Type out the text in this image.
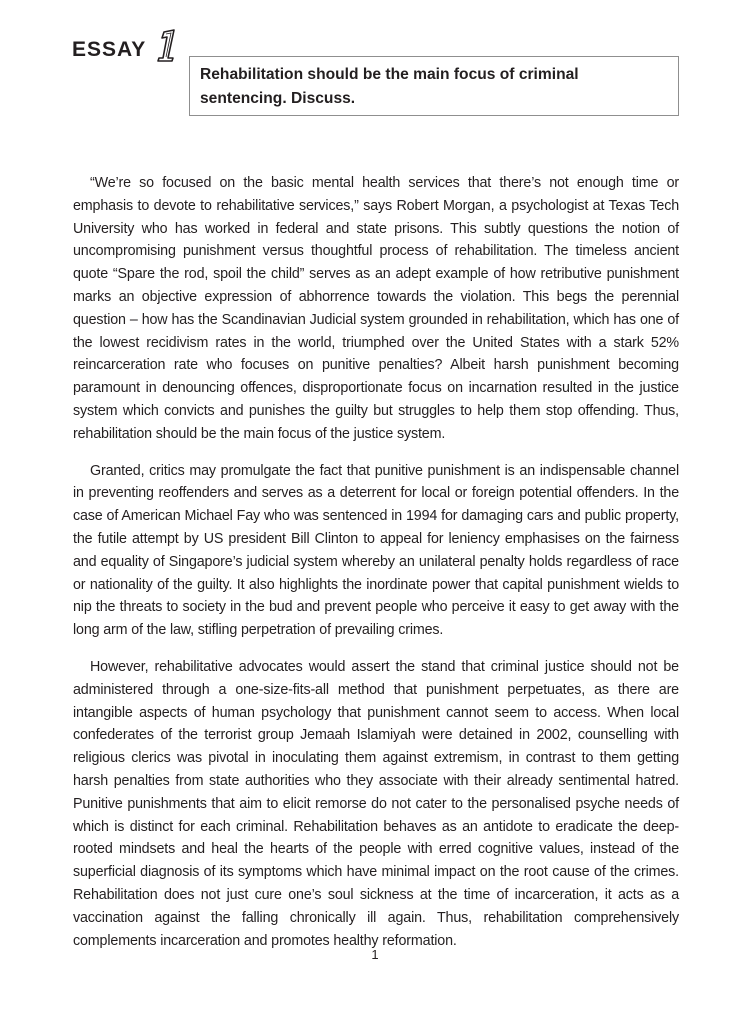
ESSAY
Rehabilitation should be the main focus of criminal sentencing. Discuss.

“We’re so focused on the basic mental health services that there’s not enough time or emphasis to devote to rehabilitative services,” says Robert Morgan, a psychologist at Texas Tech University who has worked in federal and state prisons. This subtly questions the notion of uncompromising punishment versus thoughtful process of rehabilitation. The timeless ancient quote “Spare the rod, spoil the child” serves as an adept example of how retributive punishment marks an objective expression of abhorrence towards the violation. This begs the perennial question – how has the Scandinavian Judicial system grounded in rehabilitation, which has one of the lowest recidivism rates in the world, triumphed over the United States with a stark 52% reincarceration rate who focuses on punitive penalties? Albeit harsh punishment becoming paramount in denouncing offences, disproportionate focus on incarnation resulted in the justice system which convicts and punishes the guilty but struggles to help them stop offending. Thus, rehabilitation should be the main focus of the justice system.

Granted, critics may promulgate the fact that punitive punishment is an indispensable channel in preventing reoffenders and serves as a deterrent for local or foreign potential offenders. In the case of American Michael Fay who was sentenced in 1994 for damaging cars and public property, the futile attempt by US president Bill Clinton to appeal for leniency emphasises on the fairness and equality of Singapore’s judicial system whereby an unilateral penalty holds regardless of race or nationality of the guilty. It also highlights the inordinate power that capital punishment wields to nip the threats to society in the bud and prevent people who perceive it easy to get away with the long arm of the law, stifling perpetration of prevailing crimes.

However, rehabilitative advocates would assert the stand that criminal justice should not be administered through a one-size-fits-all method that punishment perpetuates, as there are intangible aspects of human psychology that punishment cannot seem to access. When local confederates of the terrorist group Jemaah Islamiyah were detained in 2002, counselling with religious clerics was pivotal in inoculating them against extremism, in contrast to them getting harsh penalties from state authorities who they associate with their already sentimental hatred. Punitive punishments that aim to elicit remorse do not cater to the personalised psyche needs of which is distinct for each criminal. Rehabilitation behaves as an antidote to eradicate the deep-rooted mindsets and heal the hearts of the people with erred cognitive values, instead of the superficial diagnosis of its symptoms which have minimal impact on the root cause of the crimes. Rehabilitation does not just cure one’s soul sickness at the time of incarceration, it acts as a vaccination against the falling chronically ill again. Thus, rehabilitation comprehensively complements incarceration and promotes healthy reformation.

1
